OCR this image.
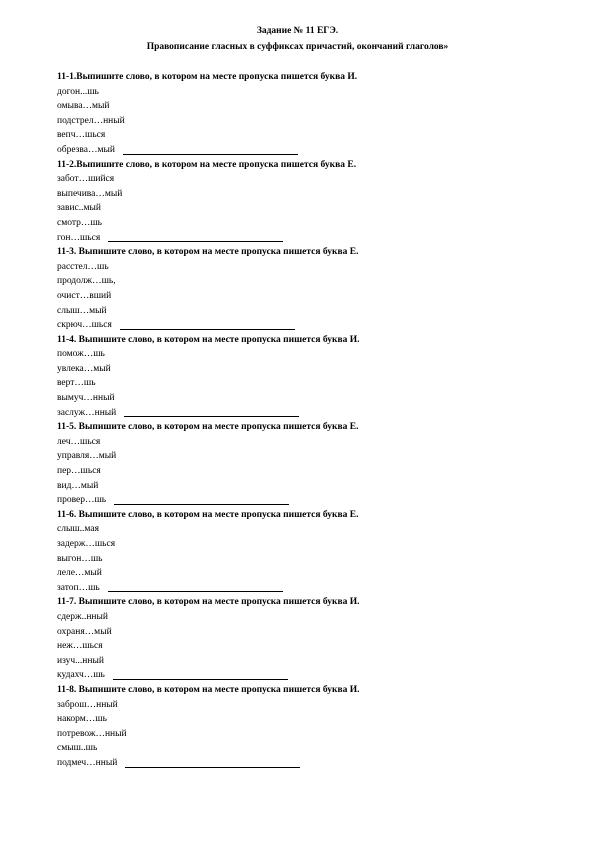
Задание № 11 ЕГЭ.
Правописание гласных в суффиксах причастий, окончаний глаголов»
11-1.Выпишите слово, в котором на месте пропуска пишется буква И.
догон...шь
омыва…мый
подстрел…нный
вепч…шься
обрезва…мый
11-2.Выпишите слово, в котором на месте пропуска пишется буква Е.
забот…шийся
выпечива…мый
завис..мый
смотр…шь
гон…шься
11-3. Выпишите слово, в котором на месте пропуска пишется буква Е.
расстел…шь
продолж…шь,
очист…вший
слыш…мый
скрюч…шься
11-4. Выпишите слово, в котором на месте пропуска пишется буква И.
помож…шь
увлека…мый
верт…шь
вымуч…нный
заслуж…нный
11-5. Выпишите слово, в котором на месте пропуска пишется буква Е.
леч…шься
управля…мый
пер…шься
вид…мый
провер…шь
11-6. Выпишите слово, в котором на месте пропуска пишется буква Е.
слыш..мая
задерж…шься
выгон…шь
леле…мый
затоп…шь
11-7. Выпишите слово, в котором на месте пропуска пишется буква И.
сдерж..нный
охраня…мый
неж…шься
изуч...нный
кудахч…шь
11-8. Выпишите слово, в котором на месте пропуска пишется буква И.
заброш…нный
накорм…шь
потревож…нный
смыш..шь
подмеч…нный
